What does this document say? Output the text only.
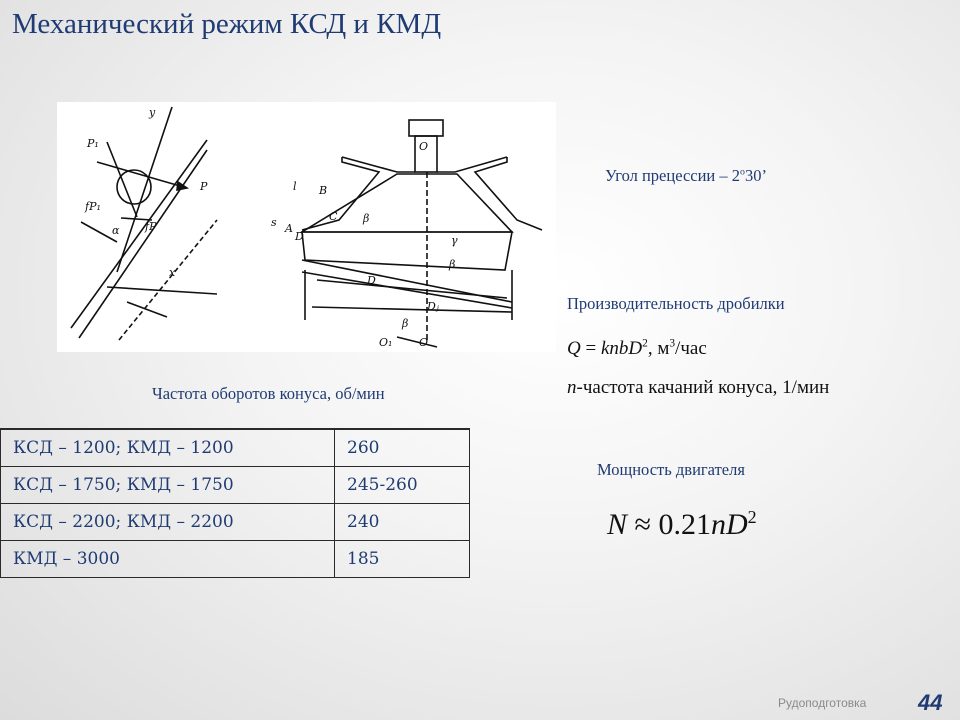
Механический режим КСД и КМД
y
P₁
P
fP₁
fP
α
x
O
l B
A
C
s
D
β
γ
β
D
Dⱼ
β
O₁ O
Угол прецессии – $2^о30$’
Производительность дробилки
Q = knbD$^2$, $м^3$/час
n-частота качаний конуса, 1/мин
Мощность двигателя
$N \approx 0.21nD^2$
Частота оборотов конуса, об/мин
КСД – 1200; КМД – 1200	260
КСД – 1750; КМД – 1750	245-260
КСД – 2200; КМД – 2200	240
КМД – 3000	185
Рудоподготовка 44
